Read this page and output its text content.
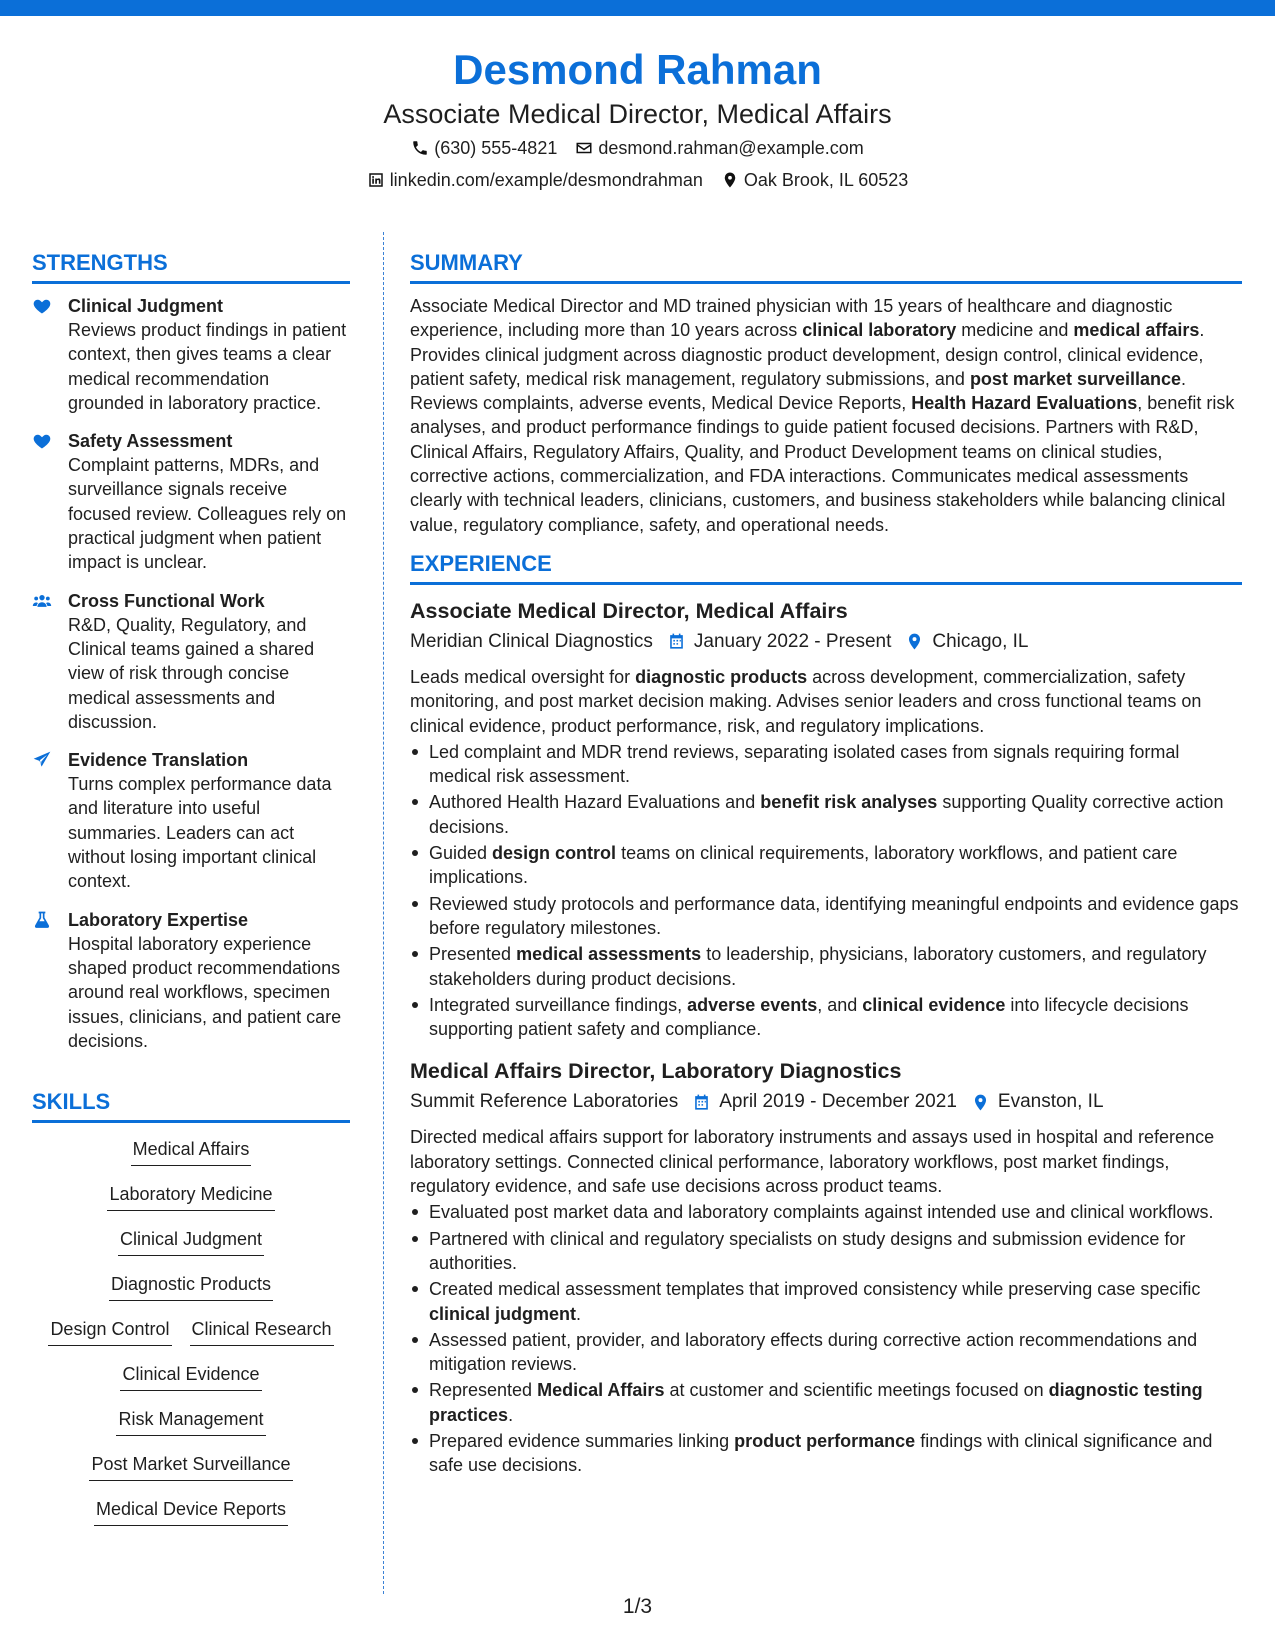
Desmond Rahman
Associate Medical Director, Medical Affairs
(630) 555-4821 desmond.rahman@example.com
linkedin.com/example/desmondrahman Oak Brook, IL 60523
STRENGTHS
Clinical Judgment
Reviews product findings in patient context, then gives teams a clear medical recommendation grounded in laboratory practice.
Safety Assessment
Complaint patterns, MDRs, and surveillance signals receive focused review. Colleagues rely on practical judgment when patient impact is unclear.
Cross Functional Work
R&D, Quality, Regulatory, and Clinical teams gained a shared view of risk through concise medical assessments and discussion.
Evidence Translation
Turns complex performance data and literature into useful summaries. Leaders can act without losing important clinical context.
Laboratory Expertise
Hospital laboratory experience shaped product recommendations around real workflows, specimen issues, clinicians, and patient care decisions.
SKILLS
Medical Affairs
Laboratory Medicine
Clinical Judgment
Diagnostic Products
Design Control Clinical Research
Clinical Evidence
Risk Management
Post Market Surveillance
Medical Device Reports
SUMMARY

Associate Medical Director and MD trained physician with 15 years of healthcare and diagnostic experience, including more than 10 years across clinical laboratory medicine and medical affairs. Provides clinical judgment across diagnostic product development, design control, clinical evidence, patient safety, medical risk management, regulatory submissions, and post market surveillance. Reviews complaints, adverse events, Medical Device Reports, Health Hazard Evaluations, benefit risk analyses, and product performance findings to guide patient focused decisions. Partners with R&D, Clinical Affairs, Regulatory Affairs, Quality, and Product Development teams on clinical studies, corrective actions, commercialization, and FDA interactions. Communicates medical assessments clearly with technical leaders, clinicians, customers, and business stakeholders while balancing clinical value, regulatory compliance, safety, and operational needs.

EXPERIENCE
Associate Medical Director, Medical Affairs
Meridian Clinical Diagnostics January 2022 - Present Chicago, IL

Leads medical oversight for diagnostic products across development, commercialization, safety monitoring, and post market decision making. Advises senior leaders and cross functional teams on clinical evidence, product performance, risk, and regulatory implications.

Led complaint and MDR trend reviews, separating isolated cases from signals requiring formal medical risk assessment.
Authored Health Hazard Evaluations and benefit risk analyses supporting Quality corrective action decisions.
Guided design control teams on clinical requirements, laboratory workflows, and patient care implications.
Reviewed study protocols and performance data, identifying meaningful endpoints and evidence gaps before regulatory milestones.
Presented medical assessments to leadership, physicians, laboratory customers, and regulatory stakeholders during product decisions.
Integrated surveillance findings, adverse events, and clinical evidence into lifecycle decisions supporting patient safety and compliance.
Medical Affairs Director, Laboratory Diagnostics
Summit Reference Laboratories April 2019 - December 2021 Evanston, IL

Directed medical affairs support for laboratory instruments and assays used in hospital and reference laboratory settings. Connected clinical performance, laboratory workflows, post market findings, regulatory evidence, and safe use decisions across product teams.

Evaluated post market data and laboratory complaints against intended use and clinical workflows.
Partnered with clinical and regulatory specialists on study designs and submission evidence for authorities.
Created medical assessment templates that improved consistency while preserving case specific clinical judgment.
Assessed patient, provider, and laboratory effects during corrective action recommendations and mitigation reviews.
Represented Medical Affairs at customer and scientific meetings focused on diagnostic testing practices.
Prepared evidence summaries linking product performance findings with clinical significance and safe use decisions.
1/3
